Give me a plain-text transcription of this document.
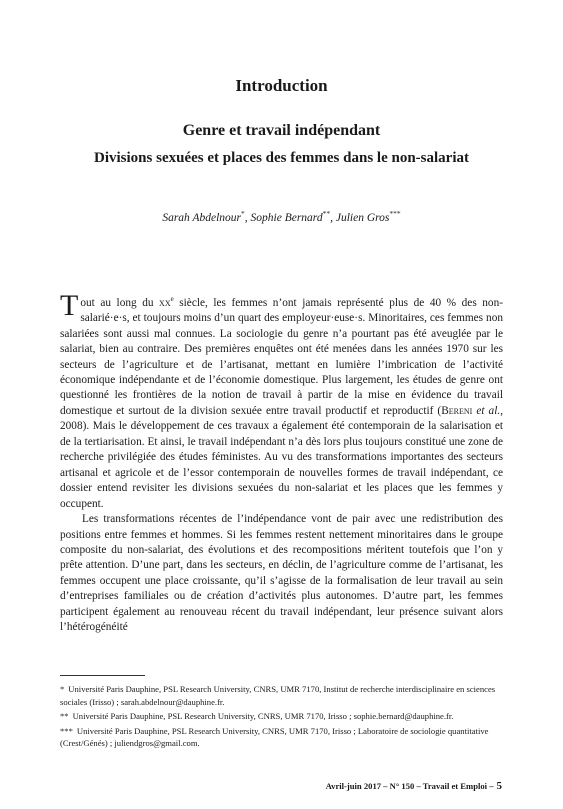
Introduction
Genre et travail indépendant
Divisions sexuées et places des femmes dans le non-salariat
Sarah Abdelnour*, Sophie Bernard**, Julien Gros***

Tout au long du $xx^e$ siècle, les femmes n’ont jamais représenté plus de 40 % des non-salarié·e·s, et toujours moins d’un quart des employeur·euse·s. Minoritaires, ces femmes non salariées sont aussi mal connues. La sociologie du genre n’a pourtant pas été aveuglée par le salariat, bien au contraire. Des premières enquêtes ont été menées dans les années 1970 sur les secteurs de l’agriculture et de l’artisanat, mettant en lumière l’imbrication de l’activité économique indépendante et de l’économie domestique. Plus largement, les études de genre ont questionné les frontières de la notion de travail à partir de la mise en évidence du travail domestique et surtout de la division sexuée entre travail productif et reproductif (Bereni et al., 2008). Mais le développement de ces travaux a également été contemporain de la salarisation et de la tertiarisation. Et ainsi, le travail indépendant n’a dès lors plus toujours constitué une zone de recherche privilégiée des études féministes. Au vu des transformations importantes des secteurs artisanal et agricole et de l’essor contemporain de nouvelles formes de travail indépendant, ce dossier entend revisiter les divisions sexuées du non-salariat et les places que les femmes y occupent.

Les transformations récentes de l’indépendance vont de pair avec une redistribution des positions entre femmes et hommes. Si les femmes restent nettement minoritaires dans le groupe composite du non-salariat, des évolutions et des recompositions méritent toutefois que l’on y prête attention. D’une part, dans les secteurs, en déclin, de l’agriculture comme de l’artisanat, les femmes occupent une place croissante, qu’il s’agisse de la formalisation de leur travail au sein d’entreprises familiales ou de création d’activités plus autonomes. D’autre part, les femmes participent également au renouveau récent du travail indépendant, leur présence suivant alors l’hétérogénéité

* Université Paris Dauphine, PSL Research University, CNRS, UMR 7170, Institut de recherche interdisciplinaire en sciences sociales (Irisso) ; sarah.abdelnour@dauphine.fr.

** Université Paris Dauphine, PSL Research University, CNRS, UMR 7170, Irisso ; sophie.bernard@dauphine.fr.

*** Université Paris Dauphine, PSL Research University, CNRS, UMR 7170, Irisso ; Laboratoire de sociologie quantitative (Crest/Génés) ; juliendgros@gmail.com.

Avril-juin 2017 – N° 150 – Travail et Emploi – 5
